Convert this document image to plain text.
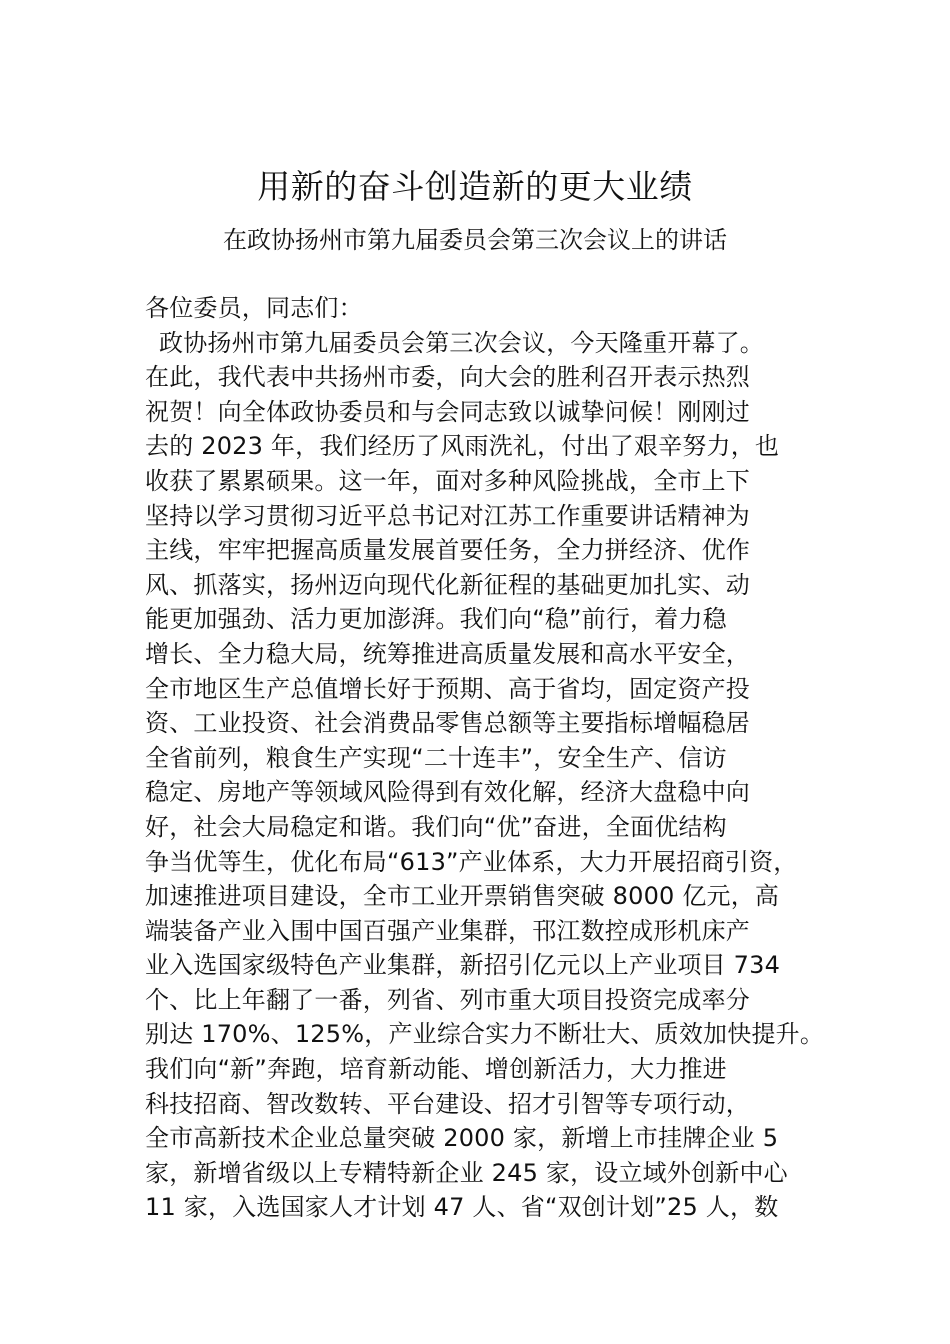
用新的奋斗创造新的更大业绩
在政协扬州市第九届委员会第三次会议上的讲话
各位委员，同志们：
政协扬州市第九届委员会第三次会议，今天隆重开幕了。
在此，我代表中共扬州市委，向大会的胜利召开表示热烈
祝贺！向全体政协委员和与会同志致以诚挚问候！刚刚过
去的 2023 年，我们经历了风雨洗礼，付出了艰辛努力，也
收获了累累硕果。这一年，面对多种风险挑战，全市上下
坚持以学习贯彻习近平总书记对江苏工作重要讲话精神为
主线，牢牢把握高质量发展首要任务，全力拼经济、优作
风、抓落实，扬州迈向现代化新征程的基础更加扎实、动
能更加强劲、活力更加澎湃。我们向“稳”前行，着力稳
增长、全力稳大局，统筹推进高质量发展和高水平安全，
全市地区生产总值增长好于预期、高于省均，固定资产投
资、工业投资、社会消费品零售总额等主要指标增幅稳居
全省前列，粮食生产实现“二十连丰”，安全生产、信访
稳定、房地产等领域风险得到有效化解，经济大盘稳中向
好，社会大局稳定和谐。我们向“优”奋进，全面优结构
争当优等生，优化布局“613”产业体系，大力开展招商引资，
加速推进项目建设，全市工业开票销售突破 8000 亿元，高
端装备产业入围中国百强产业集群，邗江数控成形机床产
业入选国家级特色产业集群，新招引亿元以上产业项目 734
个、比上年翻了一番，列省、列市重大项目投资完成率分
别达 170%、125%，产业综合实力不断壮大、质效加快提升。
我们向“新”奔跑，培育新动能、增创新活力，大力推进
科技招商、智改数转、平台建设、招才引智等专项行动，
全市高新技术企业总量突破 2000 家，新增上市挂牌企业 5
家，新增省级以上专精特新企业 245 家，设立域外创新中心
11 家，入选国家人才计划 47 人、省“双创计划”25 人，数
